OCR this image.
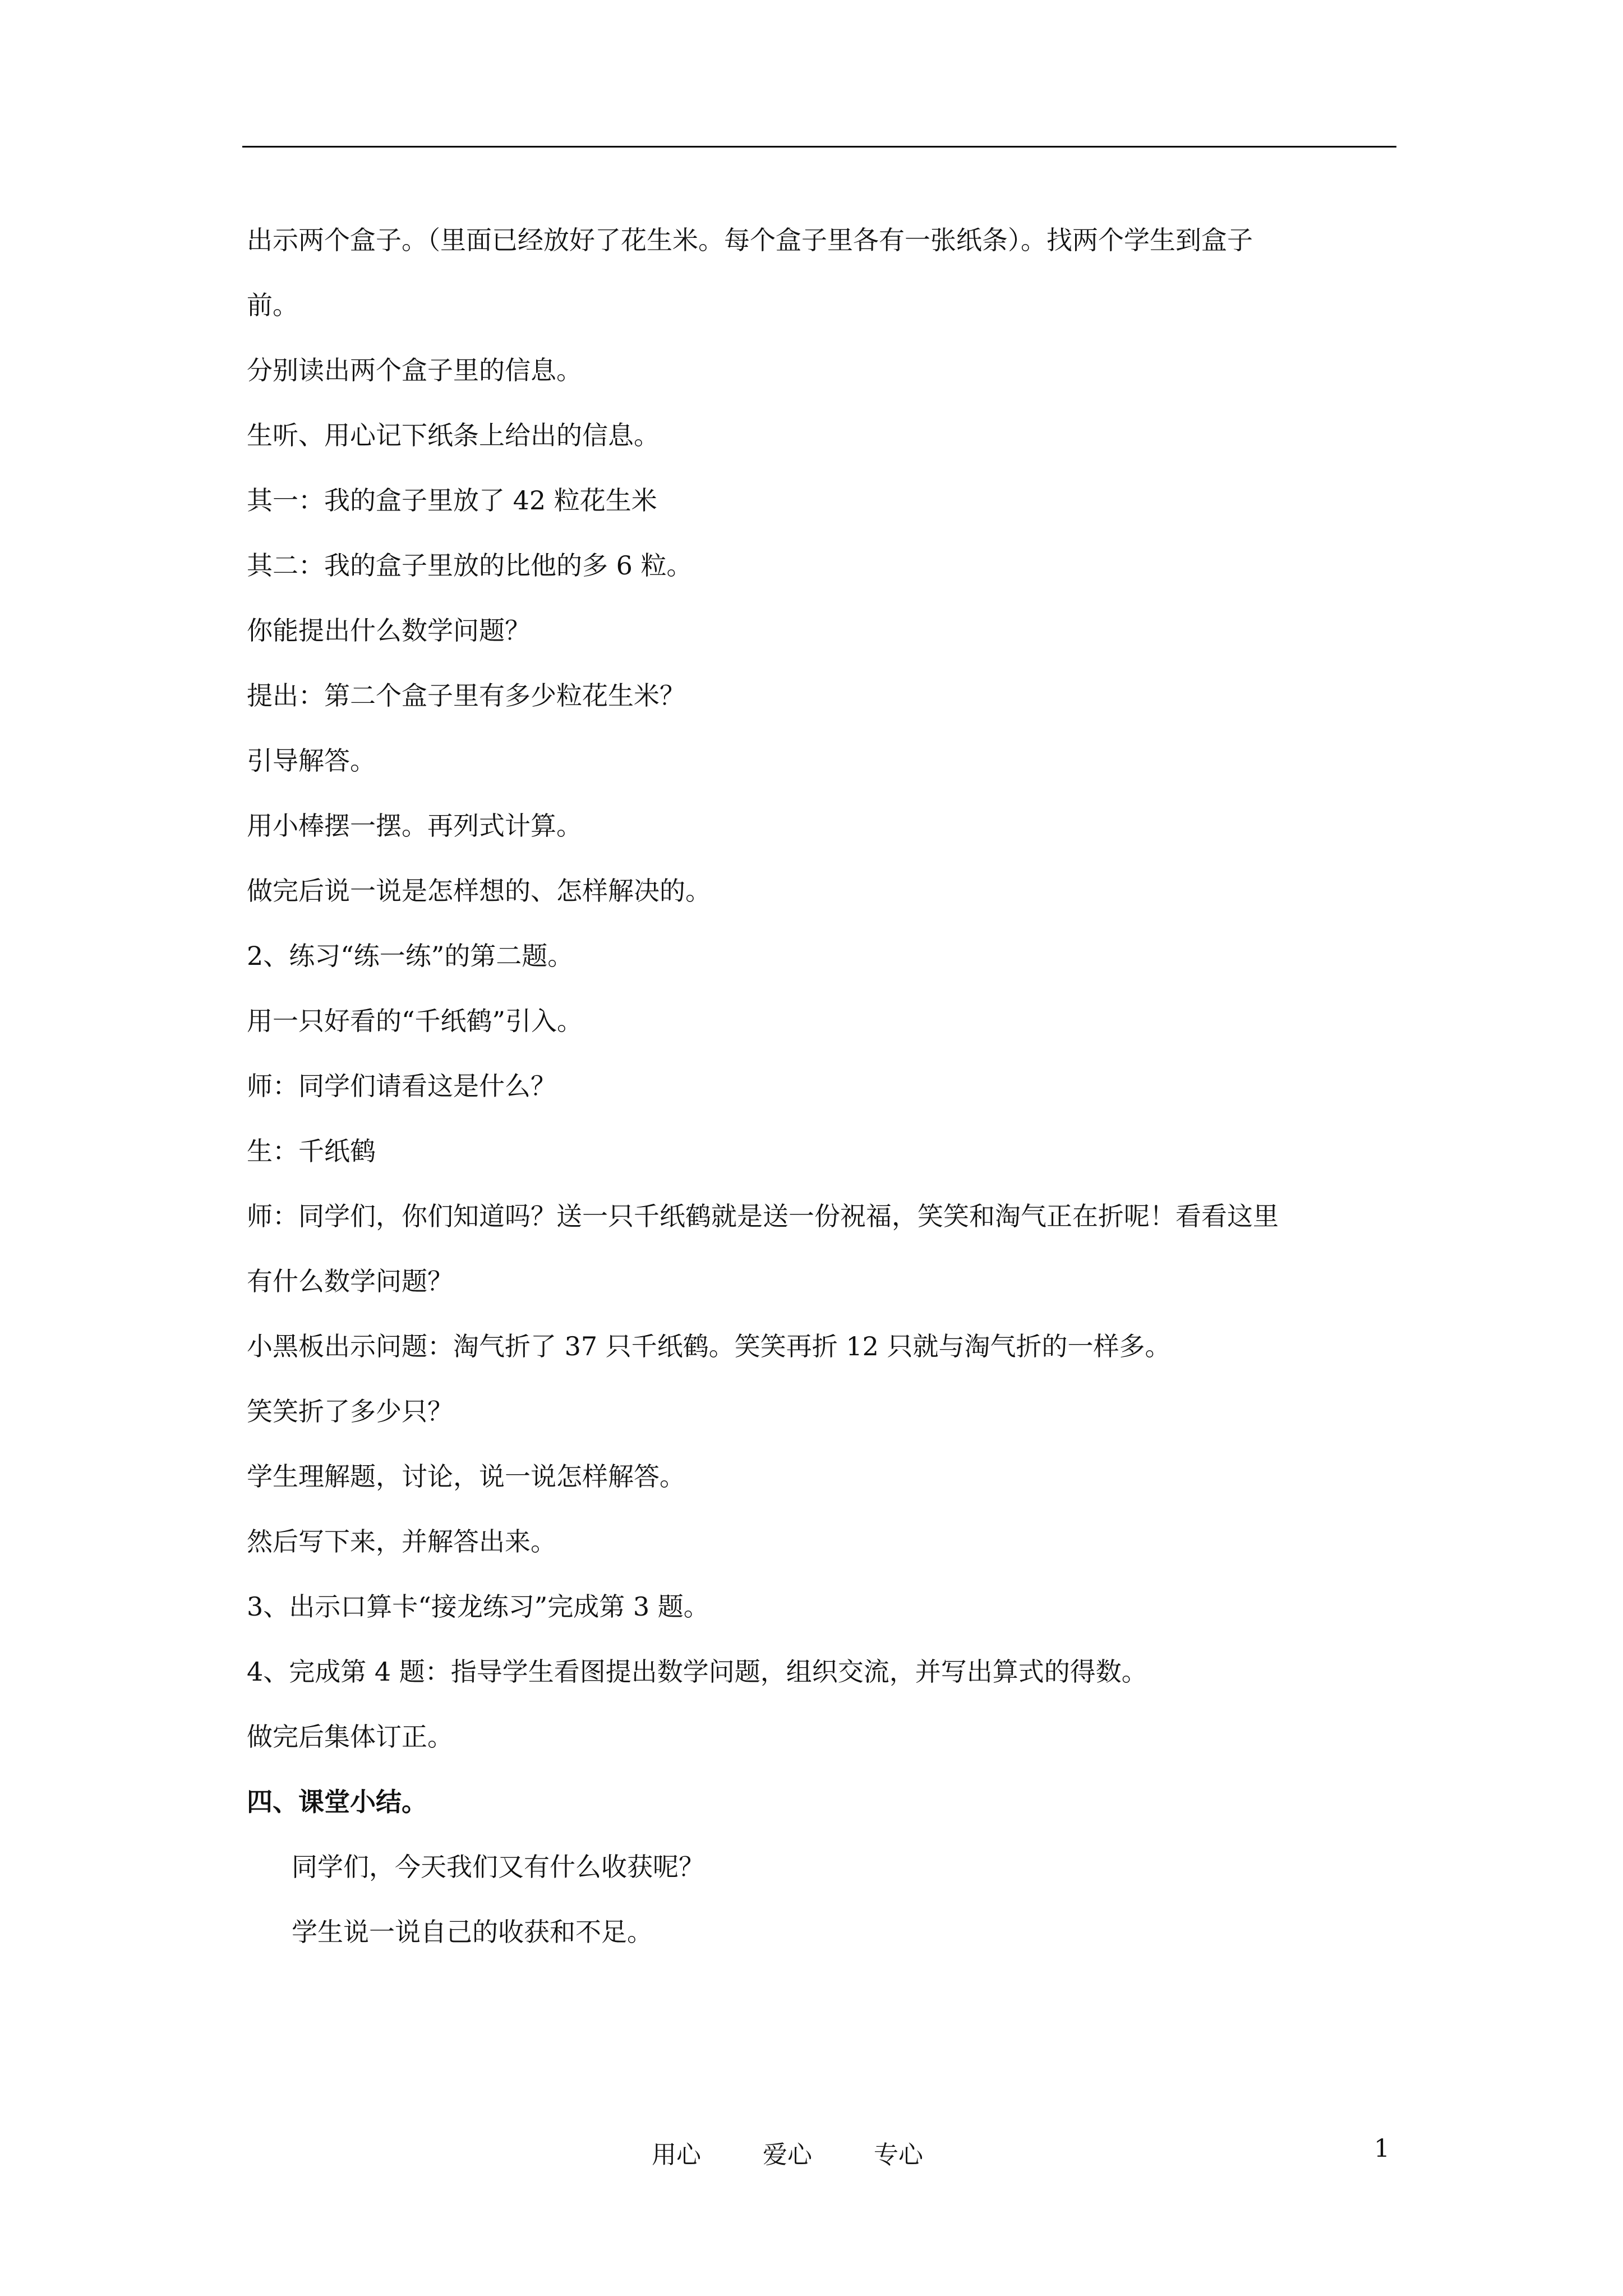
出示两个盒子。（里面已经放好了花生米。每个盒子里各有一张纸条）。找两个学生到盒子
前。
分别读出两个盒子里的信息。
生听、用心记下纸条上给出的信息。
其一：我的盒子里放了 42 粒花生米
其二：我的盒子里放的比他的多 6 粒。
你能提出什么数学问题？
提出：第二个盒子里有多少粒花生米？
引导解答。
用小棒摆一摆。再列式计算。
做完后说一说是怎样想的、怎样解决的。
2、练习“练一练”的第二题。
用一只好看的“千纸鹤”引入。
师：同学们请看这是什么？
生：千纸鹤
师：同学们，你们知道吗？送一只千纸鹤就是送一份祝福，笑笑和淘气正在折呢！看看这里
有什么数学问题？
小黑板出示问题：淘气折了 37 只千纸鹤。笑笑再折 12 只就与淘气折的一样多。
笑笑折了多少只？
学生理解题，讨论，说一说怎样解答。
然后写下来，并解答出来。
3、出示口算卡“接龙练习”完成第 3 题。
4、完成第 4 题：指导学生看图提出数学问题，组织交流，并写出算式的得数。
做完后集体订正。
四、课堂小结。
同学们，今天我们又有什么收获呢？
学生说一说自己的收获和不足。
用心	爱心	专心	1
